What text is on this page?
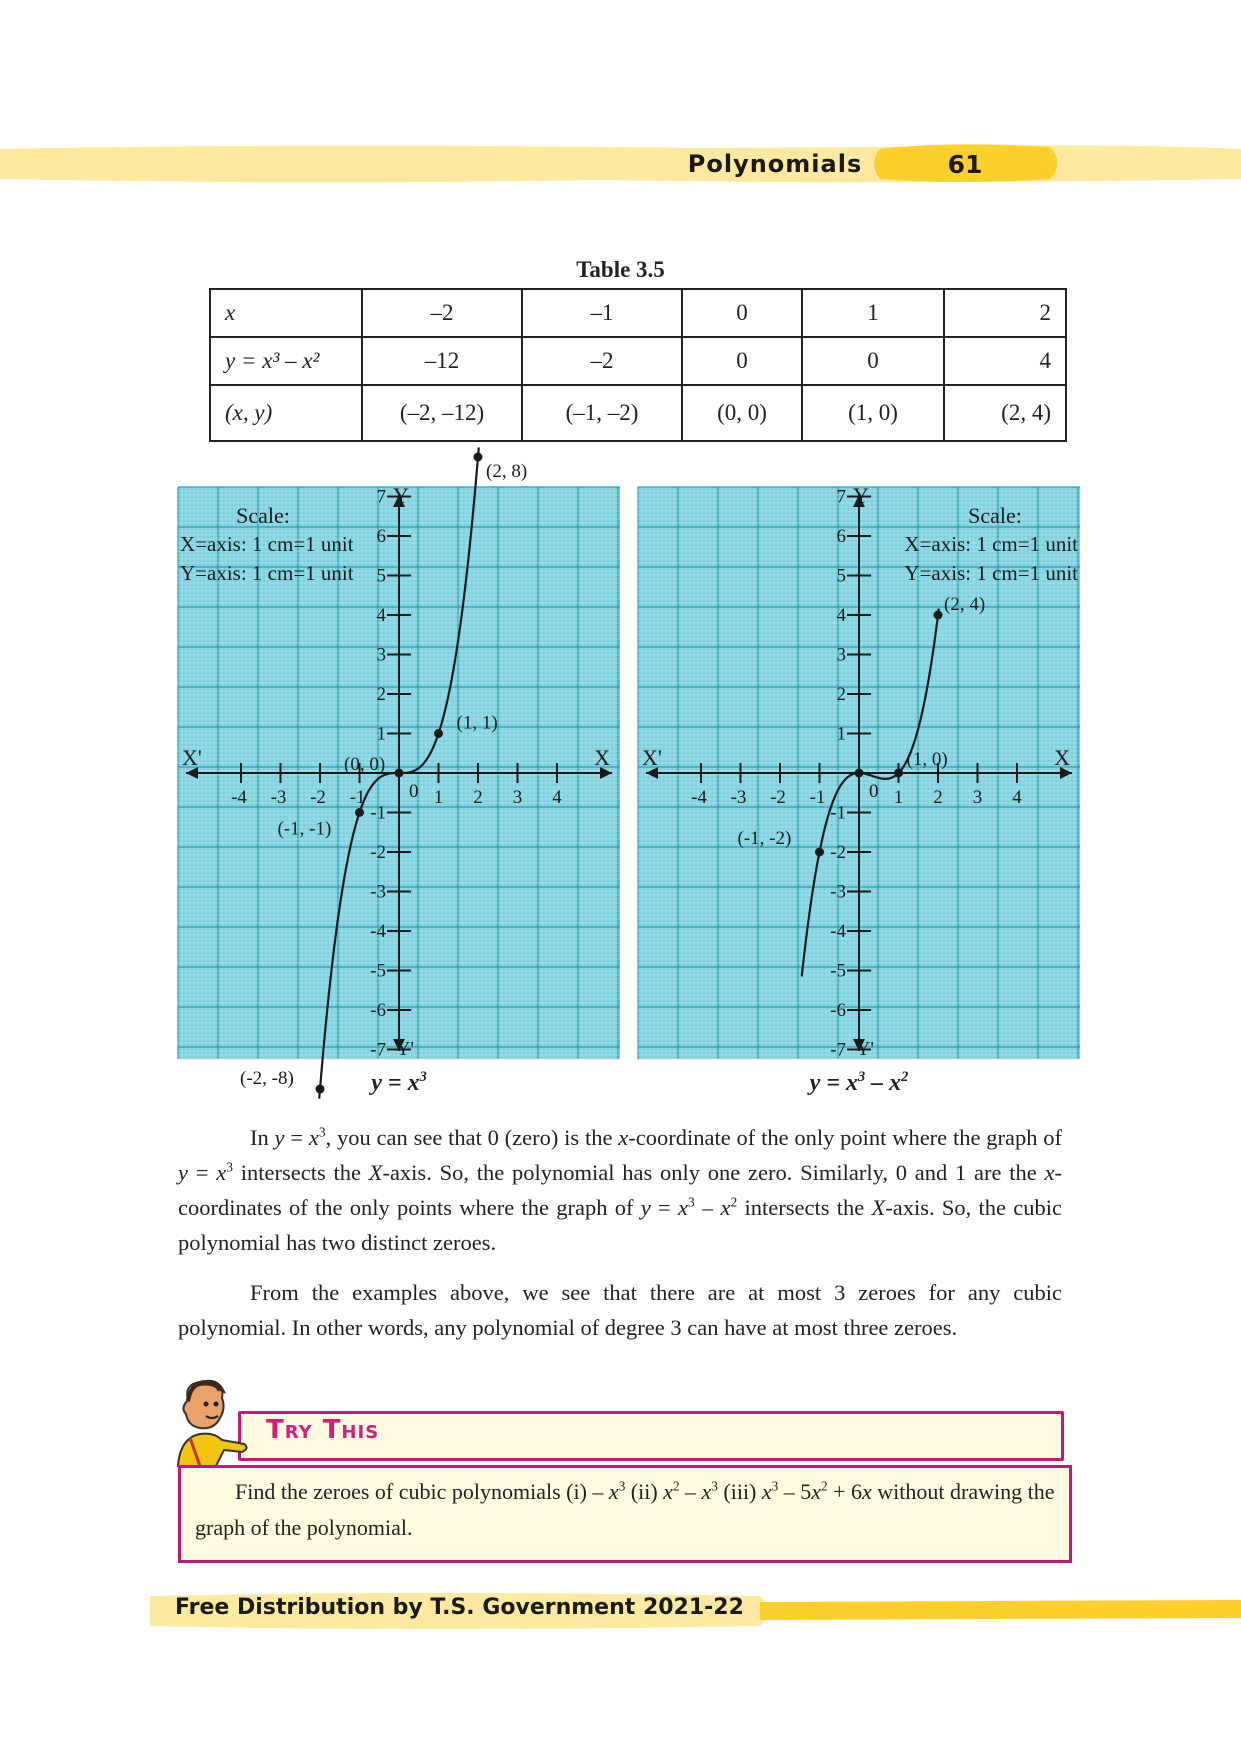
Polynomials	61
Table 3.5
x	–2	–1	0	1	2
y = x³ – x²	–12	–2	0	0	4
(x, y)	(–2, –12)	(–1, –2)	(0, 0)	(1, 0)	(2, 4)
-4 -3 -2 -1	1 2 3 4
7
6
5
4
3
2
1
-1
-2
-3
-4
-5
-6
-7
X
X'
Y
Y'
0
Scale:
X=axis: 1 cm=1 unit
Y=axis: 1 cm=1 unit
(-2, -8)
(-1, -1)
(0, 0)
(1, 1)
(2, 8)
-4 -3 -2 -1	1 2 3 4
7
6
5
4
3
2
1
-1
-2
-3
-4
-5
-6
-7
X
X'
Y
Y'
0
Scale:
X=axis: 1 cm=1 unit
Y=axis: 1 cm=1 unit
(-1, -2)
(1, 0)
(2, 4)
$y = x^3$	$y = x^3 - x^2$
In $y = x^3$, you can see that 0 (zero) is the x-coordinate of the only point where the graph of $y = x^3$ intersects the X-axis. So, the polynomial has only one zero. Similarly, 0 and 1 are the x-coordinates of the only points where the graph of $y = x^3 - x^2$ intersects the X-axis. So, the cubic polynomial has two distinct zeroes.
From the examples above, we see that there are at most 3 zeroes for any cubic polynomial. In other words, any polynomial of degree 3 can have at most three zeroes.
Try This
Find the zeroes of cubic polynomials $(i) - x^3$ (ii) $x^2 - x^3$ (iii) $x^3 - 5x^2 + 6x$ without drawing the graph of the polynomial.
Free Distribution by T.S. Government 2021-22
